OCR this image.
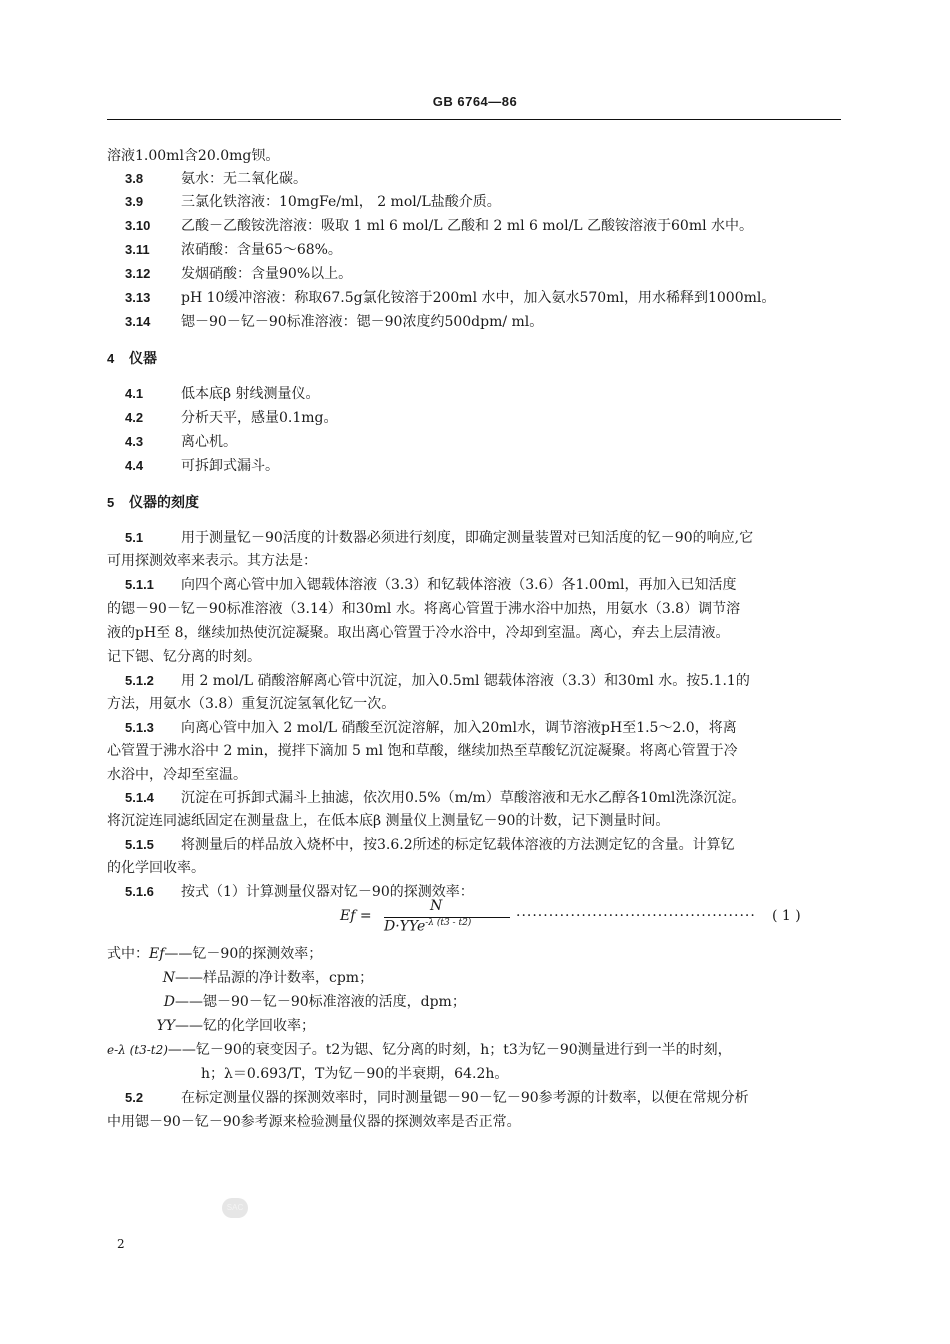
GB 6764—86
溶液1.00ml含20.0mg钡。
3.8	氨水：无二氧化碳。
3.9	三氯化铁溶液：10mgFe/ml， 2 mol/L盐酸介质。
3.10 乙酸－乙酸铵洗溶液：吸取 1 ml 6 mol/L 乙酸和 2 ml 6 mol/L 乙酸铵溶液于60ml 水中。
3.11 浓硝酸：含量65～68%。
3.12 发烟硝酸：含量90%以上。
3.13 pH 10缓冲溶液：称取67.5g氯化铵溶于200ml 水中，加入氨水570ml，用水稀释到1000ml。
3.14 锶－90－钇－90标准溶液：锶－90浓度约500dpm/ ml。
4 仪器
4.1	低本底β 射线测量仪。
4.2	分析天平，感量0.1mg。
4.3	离心机。
4.4	可拆卸式漏斗。
5 仪器的刻度
5.1	用于测量钇－90活度的计数器必须进行刻度，即确定测量装置对已知活度的钇－90的响应,它
可用探测效率来表示。其方法是：
5.1.1 向四个离心管中加入锶载体溶液（3.3）和钇载体溶液（3.6）各1.00ml，再加入已知活度
的锶－90－钇－90标准溶液（3.14）和30ml 水。将离心管置于沸水浴中加热，用氨水（3.8）调节溶
液的pH至 8，继续加热使沉淀凝聚。取出离心管置于冷水浴中，冷却到室温。离心，弃去上层清液。
记下锶、钇分离的时刻。
5.1.2 用 2 mol/L 硝酸溶解离心管中沉淀，加入0.5ml 锶载体溶液（3.3）和30ml 水。按5.1.1的
方法，用氨水（3.8）重复沉淀氢氧化钇一次。
5.1.3 向离心管中加入 2 mol/L 硝酸至沉淀溶解，加入20ml水，调节溶液pH至1.5～2.0，将离
心管置于沸水浴中 2 min，搅拌下滴加 5 ml 饱和草酸，继续加热至草酸钇沉淀凝聚。将离心管置于冷
水浴中，冷却至室温。
5.1.4 沉淀在可拆卸式漏斗上抽滤，依次用0.5%（m/m）草酸溶液和无水乙醇各10ml洗涤沉淀。
将沉淀连同滤纸固定在测量盘上，在低本底β 测量仪上测量钇－90的计数，记下测量时间。
5.1.5 将测量后的样品放入烧杯中，按3.6.2所述的标定钇载体溶液的方法测定钇的含量。计算钇
的化学回收率。
5.1.6 按式（1）计算测量仪器对钇－90的探测效率：
Ef =
N
D·YYe$^{-\lambda (t3 - t2)}$	············································ ( 1 )
式中：Ef——钇－90的探测效率；
N——样品源的净计数率，cpm；
D——锶－90－钇－90标准溶液的活度，dpm；
YY——钇的化学回收率；
e-λ (t3-t2)——钇－90的衰变因子。t2为锶、钇分离的时刻，h；t3为钇－90测量进行到一半的时刻，
h；λ＝0.693/T，T为钇－90的半衰期，64.2h。
5.2	在标定测量仪器的探测效率时，同时测量锶－90－钇－90参考源的计数率，以便在常规分析
中用锶－90－钇－90参考源来检验测量仪器的探测效率是否正常。
SAC
2
